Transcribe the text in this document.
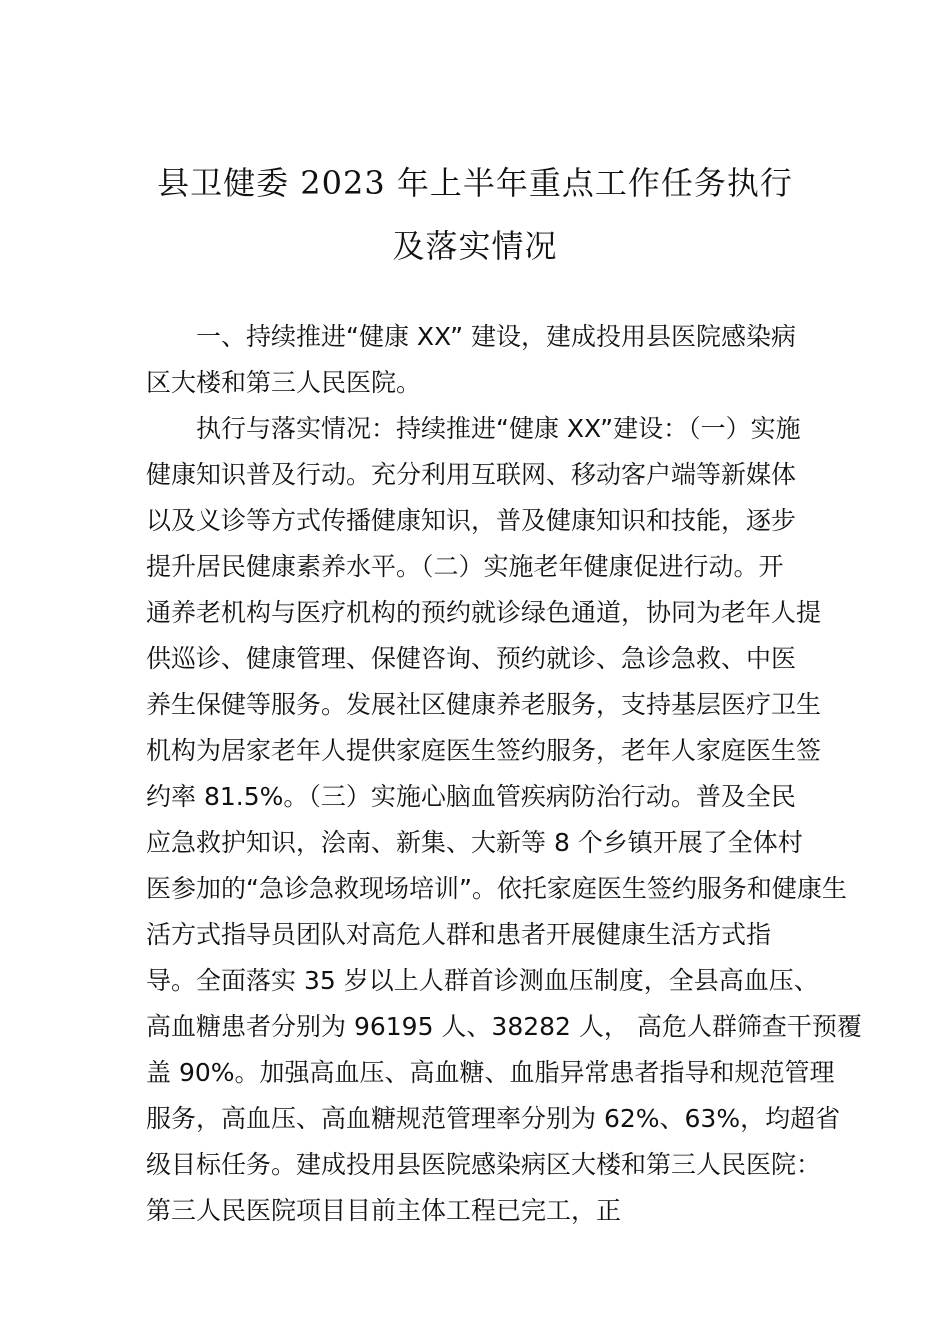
县卫健委 2023 年上半年重点工作任务执行
及落实情况
一、持续推进“健康 XX” 建设，建成投用县医院感染病
区大楼和第三人民医院。
执行与落实情况：持续推进“健康 XX”建设：（一）实施
健康知识普及行动。充分利用互联网、移动客户端等新媒体
以及义诊等方式传播健康知识，普及健康知识和技能，逐步
提升居民健康素养水平。（二）实施老年健康促进行动。开
通养老机构与医疗机构的预约就诊绿色通道，协同为老年人提
供巡诊、健康管理、保健咨询、预约就诊、急诊急救、中医
养生保健等服务。发展社区健康养老服务，支持基层医疗卫生
机构为居家老年人提供家庭医生签约服务，老年人家庭医生签
约率 81.5%。（三）实施心脑血管疾病防治行动。普及全民
应急救护知识，浍南、新集、大新等 8 个乡镇开展了全体村
医参加的“急诊急救现场培训”。依托家庭医生签约服务和健康生
活方式指导员团队对高危人群和患者开展健康生活方式指
导。全面落实 35 岁以上人群首诊测血压制度，全县高血压、
高血糖患者分别为 96195 人、38282 人， 高危人群筛查干预覆
盖 90%。加强高血压、高血糖、血脂异常患者指导和规范管理
服务，高血压、高血糖规范管理率分别为 62%、63%，均超省
级目标任务。建成投用县医院感染病区大楼和第三人民医院：
第三人民医院项目目前主体工程已完工，正
